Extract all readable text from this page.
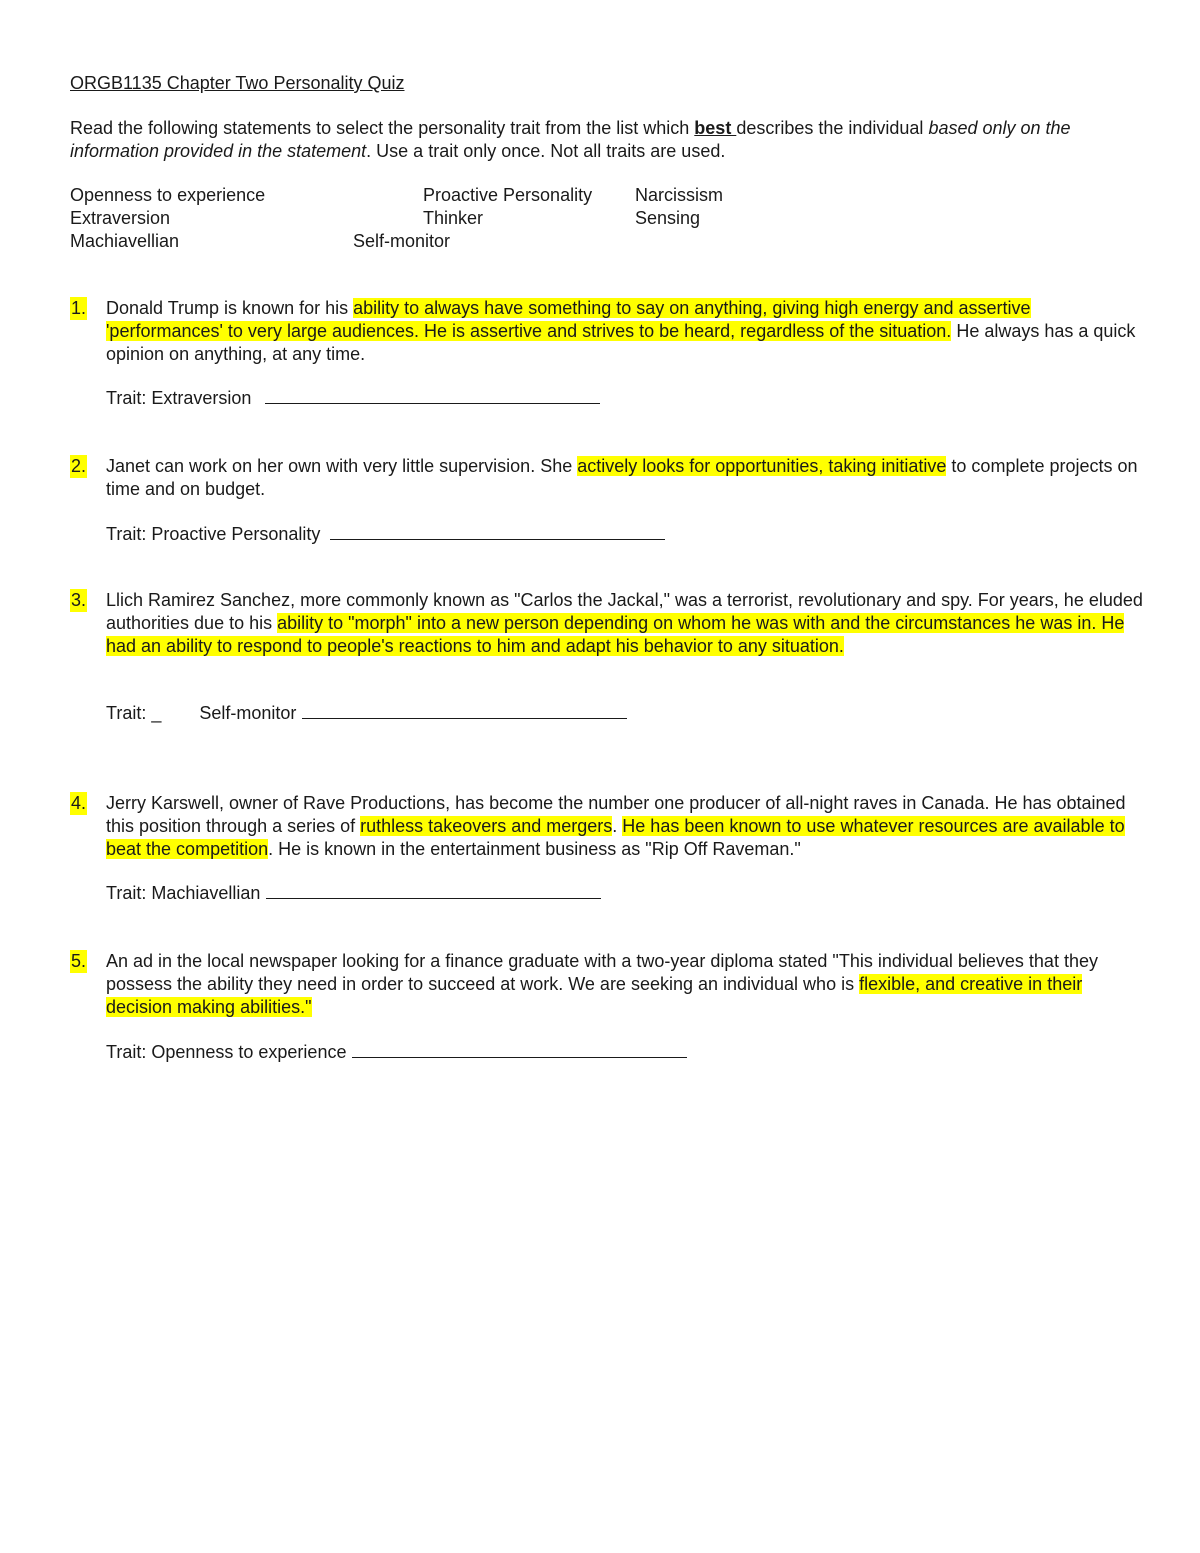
ORGB1135 Chapter Two Personality Quiz
Read the following statements to select the personality trait from the list which best describes the individual based only on the information provided in the statement. Use a trait only once. Not all traits are used.
Openness to experience	Proactive Personality Narcissism
Extraversion	Thinker	Sensing
Machiavellian	Self-monitor
1. Donald Trump is known for his ability to always have something to say on anything, giving high energy and assertive 'performances' to very large audiences. He is assertive and strives to be heard, regardless of the situation. He always has a quick opinion on anything, at any time.
Trait: Extraversion
2. Janet can work on her own with very little supervision. She actively looks for opportunities, taking initiative to complete projects on time and on budget.
Trait: Proactive Personality
3. Llich Ramirez Sanchez, more commonly known as "Carlos the Jackal," was a terrorist, revolutionary and spy. For years, he eluded authorities due to his ability to "morph" into a new person depending on whom he was with and the circumstances he was in. He had an ability to respond to people's reactions to him and adapt his behavior to any situation.
Trait: _ Self-monitor
4. Jerry Karswell, owner of Rave Productions, has become the number one producer of all-night raves in Canada. He has obtained this position through a series of ruthless takeovers and mergers. He has been known to use whatever resources are available to beat the competition. He is known in the entertainment business as "Rip Off Raveman."
Trait: Machiavellian
5. An ad in the local newspaper looking for a finance graduate with a two-year diploma stated "This individual believes that they possess the ability they need in order to succeed at work. We are seeking an individual who is flexible, and creative in their decision making abilities."
Trait: Openness to experience
